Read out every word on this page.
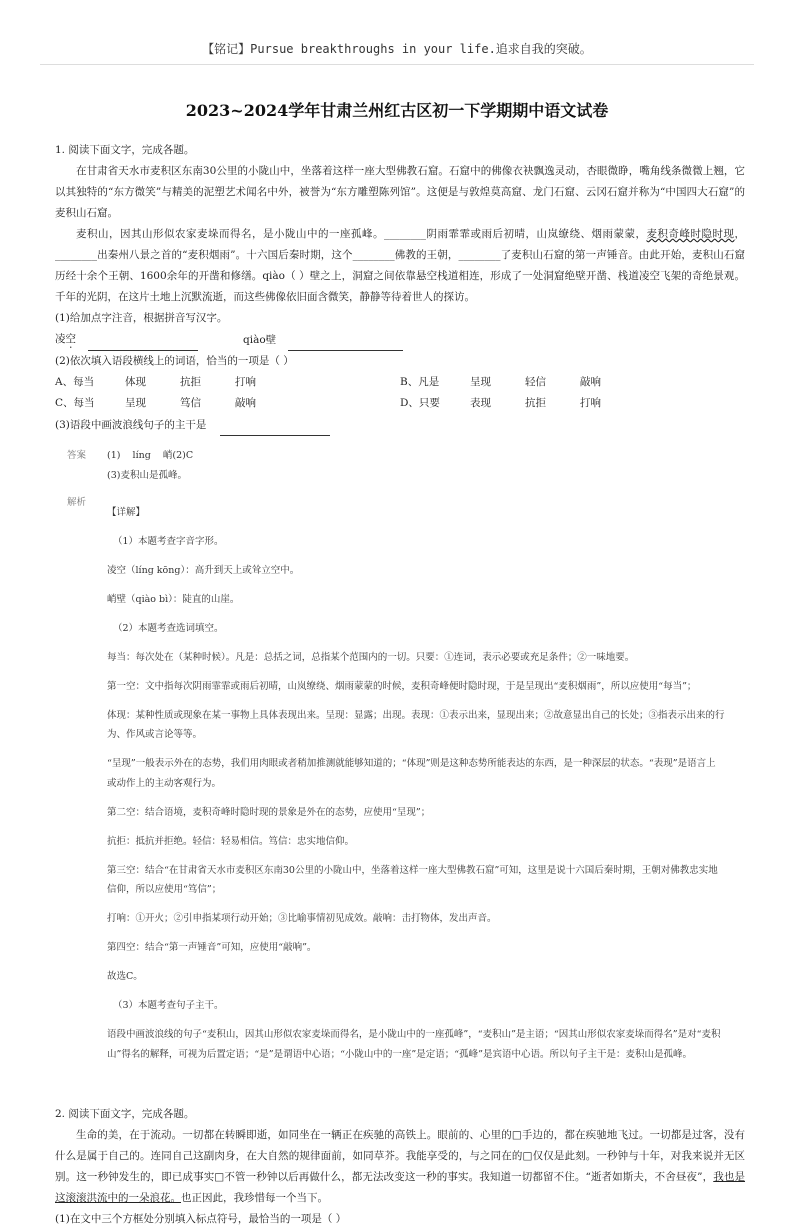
【铭记】Pursue breakthroughs in your life.追求自我的突破。
2023~2024学年甘肃兰州红古区初一下学期期中语文试卷

1. 阅读下面文字，完成各题。

在甘肃省天水市麦积区东南30公里的小陇山中，坐落着这样一座大型佛教石窟。石窟中的佛像衣袂飘逸灵动，杏眼微睁，嘴角线条微微上翘，它以其独特的“东方微笑”与精美的泥塑艺术闻名中外，被誉为“东方雕塑陈列馆”。这便是与敦煌莫高窟、龙门石窟、云冈石窟并称为“中国四大石窟”的麦积山石窟。

麦积山，因其山形似农家麦垛而得名，是小陇山中的一座孤峰。________阴雨霏霏或雨后初晴，山岚缭绕、烟雨蒙蒙，麦积奇峰时隐时现，________出秦州八景之首的“麦积烟雨”。十六国后秦时期，这个________佛教的王朝，________了麦积山石窟的第一声锤音。由此开始，麦积山石窟历经十余个王朝、1600余年的开凿和修缮。qiào（ ）壁之上，洞窟之间依靠悬空栈道相连，形成了一处洞窟绝壁开凿、栈道凌空飞架的奇绝景观。千年的光阴，在这片土地上沉默流逝，而这些佛像依旧面含微笑，静静等待着世人的探访。

(1)给加点字注音，根据拼音写汉字。

凌空
	qiào壁

(2)依次填入语段横线上的词语，恰当的一项是（ ）

A、每当	体现	抗拒	打响	B、凡是	呈现	轻信	敲响
C、每当	呈现	笃信	敲响	D、只要	表现	抗拒	打响
(3)语段中画波浪线句子的主干是

答案	(1)    líng    峭(2)C
(3)麦积山是孤峰。
解析

【详解】

（1）本题考查字音字形。

凌空（líng kōng）：高升到天上或耸立空中。

峭壁（qiào bì）：陡直的山崖。

（2）本题考查选词填空。

每当：每次处在（某种时候）。凡是：总括之词，总指某个范围内的一切。只要：①连词，表示必要或充足条件；②一味地要。

第一空：文中指每次阴雨霏霏或雨后初晴，山岚缭绕、烟雨蒙蒙的时候，麦积奇峰便时隐时现，于是呈现出“麦积烟雨”，所以应使用“每当”；

体现：某种性质或现象在某一事物上具体表现出来。呈现：显露；出现。表现：①表示出来，显现出来；②故意显出自己的长处；③指表示出来的行为、作风或言论等等。

“呈现”一般表示外在的态势，我们用肉眼或者稍加推测就能够知道的；“体现”则是这种态势所能表达的东西，是一种深层的状态。“表现”是语言上或动作上的主动客观行为。

第二空：结合语境，麦积奇峰时隐时现的景象是外在的态势，应使用“呈现”；

抗拒：抵抗并拒绝。轻信：轻易相信。笃信：忠实地信仰。

第三空：结合“在甘肃省天水市麦积区东南30公里的小陇山中，坐落着这样一座大型佛教石窟”可知，这里是说十六国后秦时期，王朝对佛教忠实地信仰，所以应使用“笃信”；

打响：①开火；②引申指某项行动开始；③比喻事情初见成效。敲响：击打物体，发出声音。

第四空：结合“第一声锤音”可知，应使用“敲响”。

故选C。

（3）本题考查句子主干。

语段中画波浪线的句子“麦积山，因其山形似农家麦垛而得名，是小陇山中的一座孤峰”，“麦积山”是主语；“因其山形似农家麦垛而得名”是对“麦积山”得名的解释，可视为后置定语；“是”是谓语中心语；“小陇山中的一座”是定语；“孤峰”是宾语中心语。所以句子主干是：麦积山是孤峰。

2. 阅读下面文字，完成各题。

生命的美，在于流动。一切都在转瞬即逝，如同坐在一辆正在疾驰的高铁上。眼前的、心里的□手边的，都在疾驰地飞过。一切都是过客，没有什么是属于自己的。连同自己这副肉身，在大自然的规律面前，如同草芥。我能享受的，与之同在的□仅仅是此刻。一秒钟与十年，对我来说并无区别。这一秒钟发生的，即已成事实□不管一秒钟以后再做什么，都无法改变这一秒的事实。我知道一切都留不住。“逝者如斯夫，不舍昼夜”，我也是这滚滚洪流中的一朵浪花。也正因此，我珍惜每一个当下。

(1)在文中三个方框处分别填入标点符号，最恰当的一项是（ ）
